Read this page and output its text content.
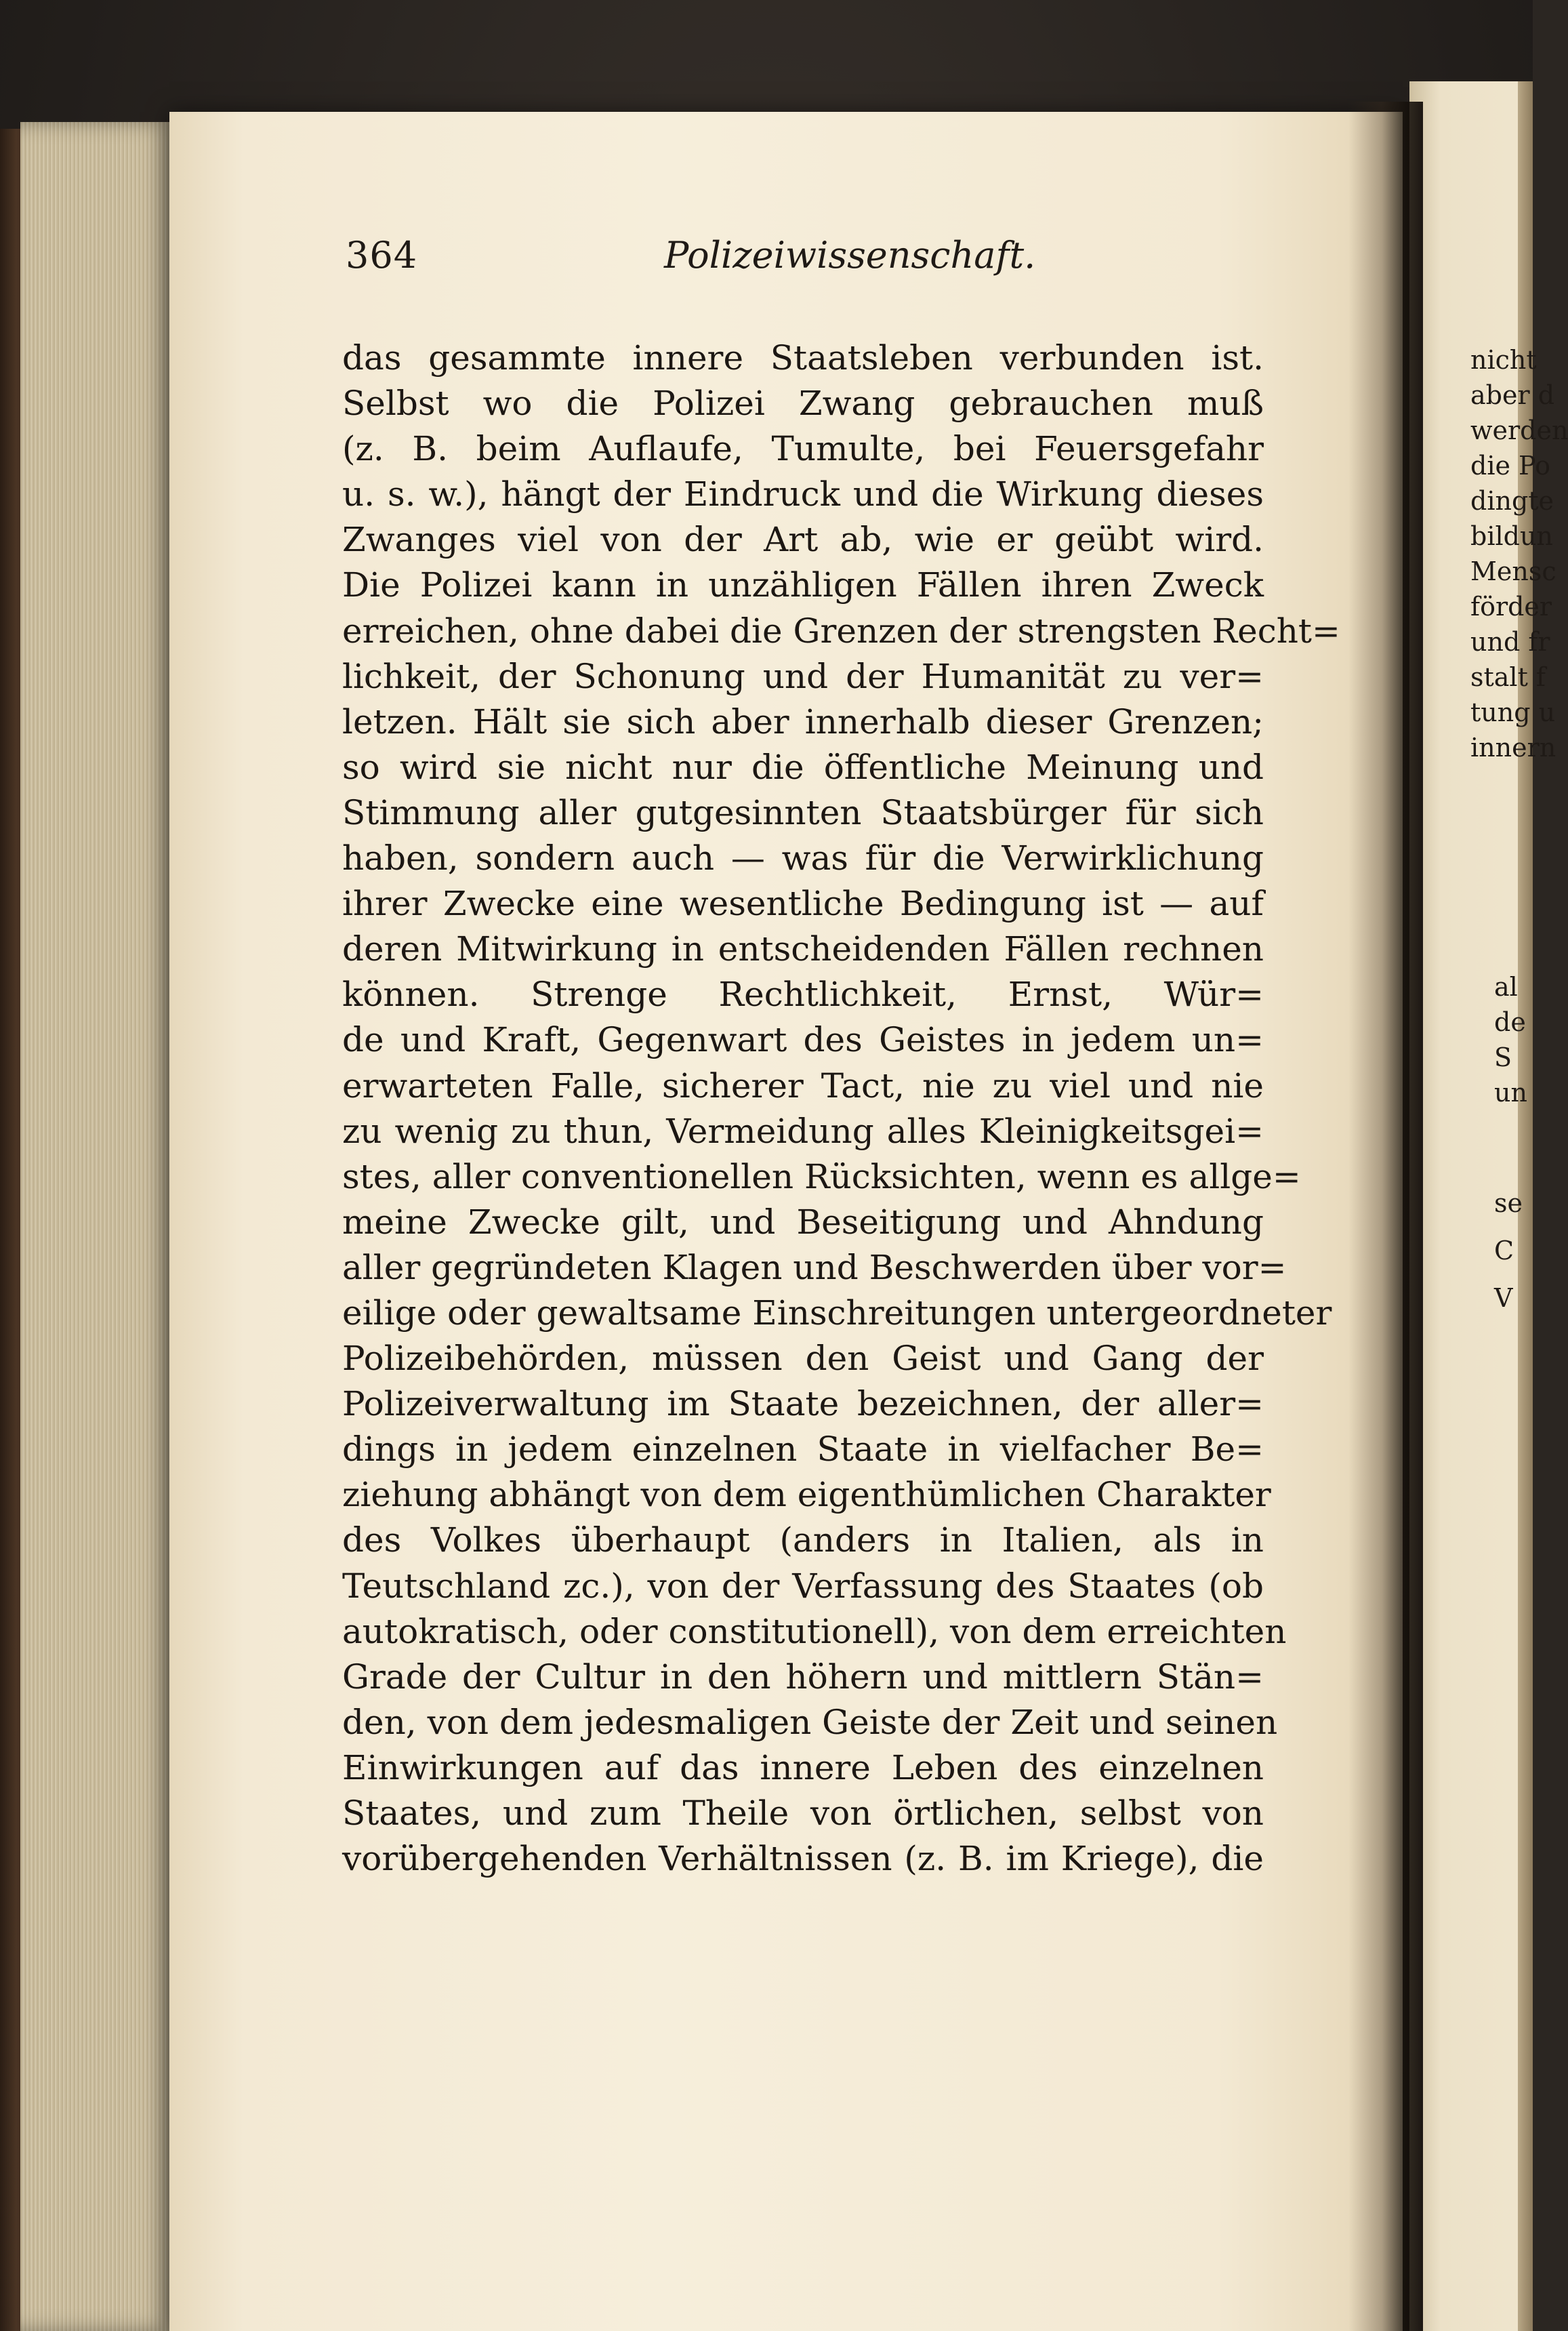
364	Polizeiwissenschaft.
das gesammte innere Staatsleben verbunden ist.
Selbst wo die Polizei Zwang gebrauchen muß
(z. B. beim Auflaufe, Tumulte, bei Feuersgefahr
u. s. w.), hängt der Eindruck und die Wirkung dieses
Zwanges viel von der Art ab, wie er geübt wird.
Die Polizei kann in unzähligen Fällen ihren Zweck
erreichen, ohne dabei die Grenzen der strengsten Recht=
lichkeit, der Schonung und der Humanität zu ver=
letzen. Hält sie sich aber innerhalb dieser Grenzen;
so wird sie nicht nur die öffentliche Meinung und
Stimmung aller gutgesinnten Staatsbürger für sich
haben, sondern auch — was für die Verwirklichung
ihrer Zwecke eine wesentliche Bedingung ist — auf
deren Mitwirkung in entscheidenden Fällen rechnen
können. Strenge Rechtlichkeit, Ernst, Wür=
de und Kraft, Gegenwart des Geistes in jedem un=
erwarteten Falle, sicherer Tact, nie zu viel und nie
zu wenig zu thun, Vermeidung alles Kleinigkeitsgei=
stes, aller conventionellen Rücksichten, wenn es allge=
meine Zwecke gilt, und Beseitigung und Ahndung
aller gegründeten Klagen und Beschwerden über vor=
eilige oder gewaltsame Einschreitungen untergeordneter
Polizeibehörden, müssen den Geist und Gang der
Polizeiverwaltung im Staate bezeichnen, der aller=
dings in jedem einzelnen Staate in vielfacher Be=
ziehung abhängt von dem eigenthümlichen Charakter
des Volkes überhaupt (anders in Italien, als in
Teutschland zc.), von der Verfassung des Staates (ob
autokratisch, oder constitutionell), von dem erreichten
Grade der Cultur in den höhern und mittlern Stän=
den, von dem jedesmaligen Geiste der Zeit und seinen
Einwirkungen auf das innere Leben des einzelnen
Staates, und zum Theile von örtlichen, selbst von
vorübergehenden Verhältnissen (z. B. im Kriege), die
nicht
aber d
werden
die Po
dingte
bildun
Mensc
förder
und fr
stalt f
tung u
innern
al
de
S
un
se
C
V
